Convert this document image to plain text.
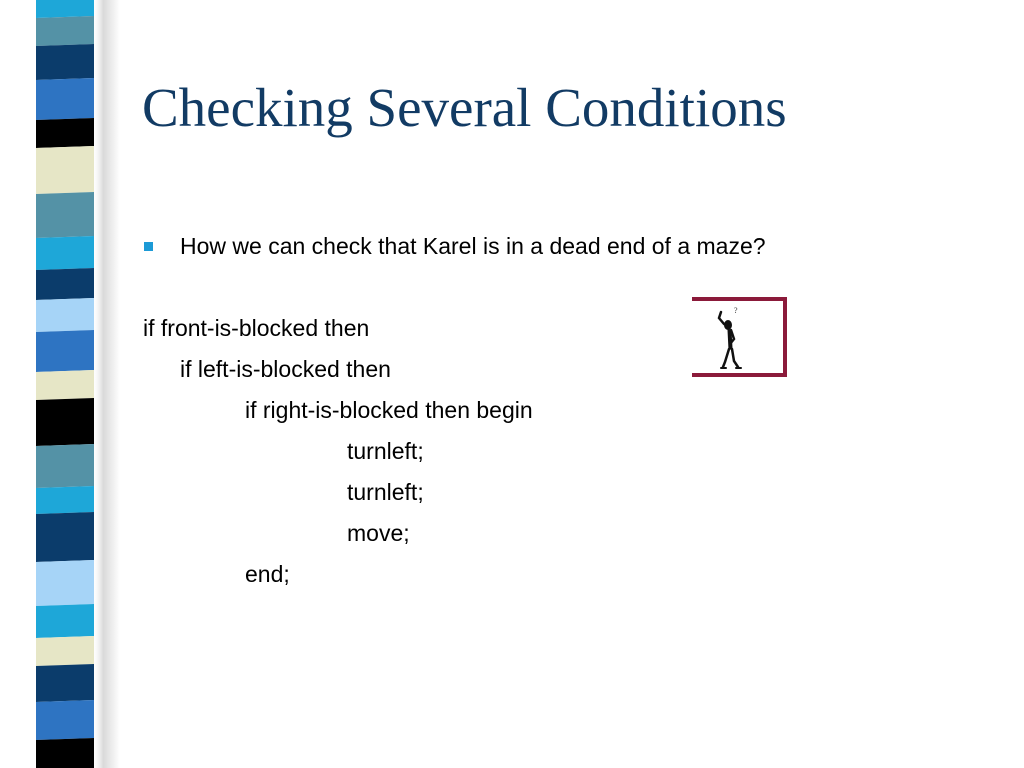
Checking Several Conditions
How we can check that Karel is in a dead end of a maze?
if front-is-blocked then
if left-is-blocked then
if right-is-blocked then begin
turnleft;
turnleft;
move;
end;
?
